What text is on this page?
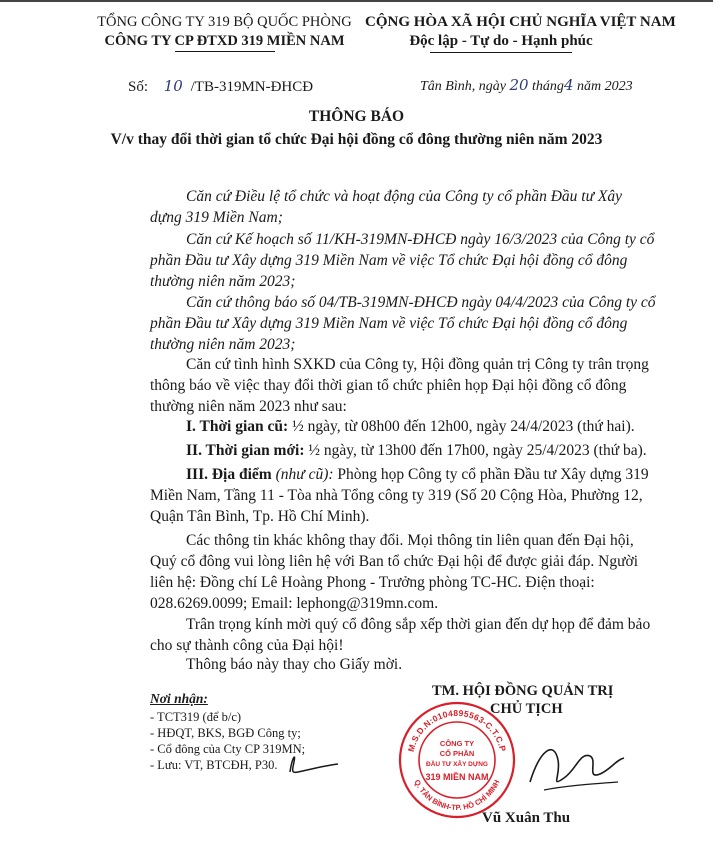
TỔNG CÔNG TY 319 BỘ QUỐC PHÒNG
CÔNG TY CP ĐTXD 319 MIỀN NAM
CỘNG HÒA XÃ HỘI CHỦ NGHĨA VIỆT NAM
Độc lập - Tự do - Hạnh phúc
Số: 10 /TB-319MN-ĐHCĐ	Tân Bình, ngày 20 tháng4 năm 2023
THÔNG BÁO
V/v thay đổi thời gian tổ chức Đại hội đồng cổ đông thường niên năm 2023

Căn cứ Điều lệ tổ chức và hoạt động của Công ty cổ phần Đầu tư Xây dựng 319 Miền Nam;

Căn cứ Kế hoạch số 11/KH-319MN-ĐHCĐ ngày 16/3/2023 của Công ty cổ phần Đầu tư Xây dựng 319 Miền Nam về việc Tổ chức Đại hội đồng cổ đông thường niên năm 2023;

Căn cứ thông báo số 04/TB-319MN-ĐHCĐ ngày 04/4/2023 của Công ty cổ phần Đầu tư Xây dựng 319 Miền Nam về việc Tổ chức Đại hội đồng cổ đông thường niên năm 2023;

Căn cứ tình hình SXKD của Công ty, Hội đồng quản trị Công ty trân trọng thông báo về việc thay đổi thời gian tổ chức phiên họp Đại hội đồng cổ đông thường niên năm 2023 như sau:

I. Thời gian cũ: ½ ngày, từ 08h00 đến 12h00, ngày 24/4/2023 (thứ hai).

II. Thời gian mới: ½ ngày, từ 13h00 đến 17h00, ngày 25/4/2023 (thứ ba).

III. Địa điểm (như cũ): Phòng họp Công ty cổ phần Đầu tư Xây dựng 319 Miền Nam, Tầng 11 - Tòa nhà Tổng công ty 319 (Số 20 Cộng Hòa, Phường 12, Quận Tân Bình, Tp. Hồ Chí Minh).

Các thông tin khác không thay đổi. Mọi thông tin liên quan đến Đại hội, Quý cổ đông vui lòng liên hệ với Ban tổ chức Đại hội để được giải đáp. Người liên hệ: Đồng chí Lê Hoàng Phong - Trưởng phòng TC-HC. Điện thoại: 028.6269.0099; Email: lephong@319mn.com.

Trân trọng kính mời quý cổ đông sắp xếp thời gian đến dự họp để đảm bảo cho sự thành công của Đại hội!

Thông báo này thay cho Giấy mời.

Nơi nhận:
- TCT319 (để b/c)
- HĐQT, BKS, BGĐ Công ty;
- Cổ đông của Cty CP 319MN;
- Lưu: VT, BTCĐH, P30.
TM. HỘI ĐỒNG QUẢN TRỊ
CHỦ TỊCH
M.S.D.N:0104895563-C.T.C.P
Q. TÂN BÌNH-TP. HỒ CHÍ MINH
CÔNG TY
CỔ PHẦN
ĐẦU TƯ XÂY DỰNG
319 MIỀN NAM
Vũ Xuân Thu
